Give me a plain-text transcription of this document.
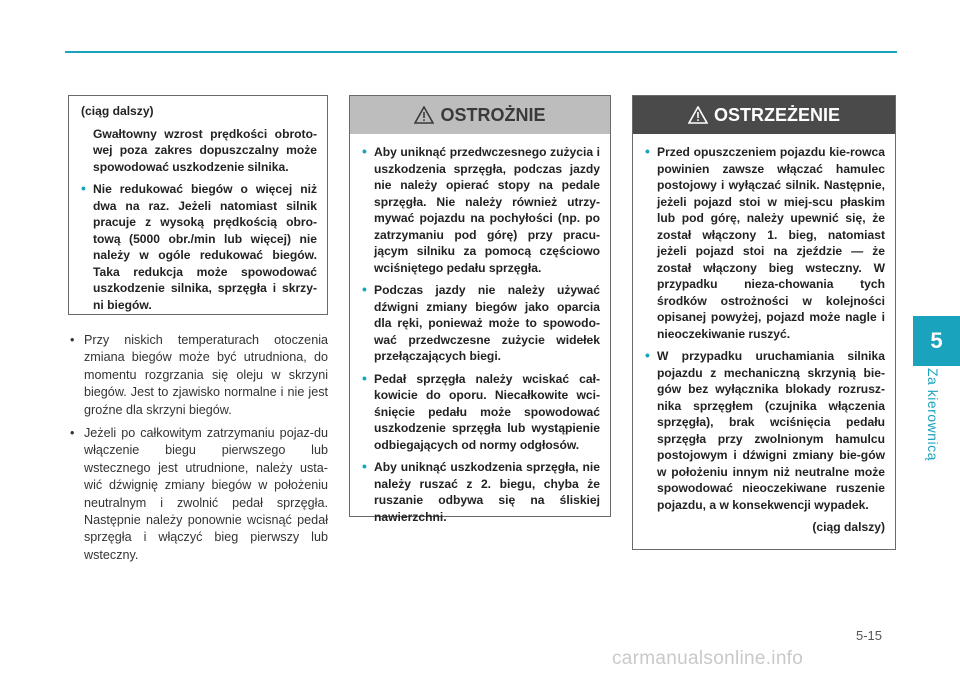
5
Za kierownicą
(ciąg dalszy)
Gwałtowny wzrost prędkości obroto-wej poza zakres dopuszczalny może spowodować uszkodzenie silnika.
• Nie redukować biegów o więcej niż dwa na raz. Jeżeli natomiast silnik pracuje z wysoką prędkością obro-tową (5000 obr./min lub więcej) nie należy w ogóle redukować biegów. Taka redukcja może spowodować uszkodzenie silnika, sprzęgła i skrzy-ni biegów.
• Przy niskich temperaturach otoczenia zmiana biegów może być utrudniona, do momentu rozgrzania się oleju w skrzyni biegów. Jest to zjawisko normalne i nie jest groźne dla skrzyni biegów.
• Jeżeli po całkowitym zatrzymaniu pojaz-du włączenie biegu pierwszego lub wstecznego jest utrudnione, należy usta-wić dźwignię zmiany biegów w położeniu neutralnym i zwolnić pedał sprzęgła. Następnie należy ponownie wcisnąć pedał sprzęgła i włączyć bieg pierwszy lub wsteczny.
OSTROŻNIE
• Aby uniknąć przedwczesnego zużycia i uszkodzenia sprzęgła, podczas jazdy nie należy opierać stopy na pedale sprzęgła. Nie należy również utrzy-mywać pojazdu na pochyłości (np. po zatrzymaniu pod górę) przy pracu-jącym silniku za pomocą częściowo wciśniętego pedału sprzęgła.
• Podczas jazdy nie należy używać dźwigni zmiany biegów jako oparcia dla ręki, ponieważ może to spowodo-wać przedwczesne zużycie widełek przełączających biegi.
• Pedał sprzęgła należy wciskać cał-kowicie do oporu. Niecałkowite wci-śnięcie pedału może spowodować uszkodzenie sprzęgła lub wystąpienie odbiegających od normy odgłosów.
• Aby uniknąć uszkodzenia sprzęgła, nie należy ruszać z 2. biegu, chyba że ruszanie odbywa się na śliskiej nawierzchni.
OSTRZEŻENIE
• Przed opuszczeniem pojazdu kie-rowca powinien zawsze włączać hamulec postojowy i wyłączać silnik. Następnie, jeżeli pojazd stoi w miej-scu płaskim lub pod górę, należy upewnić się, że został włączony 1. bieg, natomiast jeżeli pojazd stoi na zjeździe — że został włączony bieg wsteczny. W przypadku nieza-chowania tych środków ostrożności w kolejności opisanej powyżej, pojazd może nagle i nieoczekiwanie ruszyć.
• W przypadku uruchamiania silnika pojazdu z mechaniczną skrzynią bie-gów bez wyłącznika blokady rozrusz-nika sprzęgłem (czujnika włączenia sprzęgła), brak wciśnięcia pedału sprzęgła przy zwolnionym hamulcu postojowym i dźwigni zmiany bie-gów w położeniu innym niż neutralne może spowodować nieoczekiwane ruszenie pojazdu, a w konsekwencji wypadek.
(ciąg dalszy)
5-15
carmanualsonline.info
